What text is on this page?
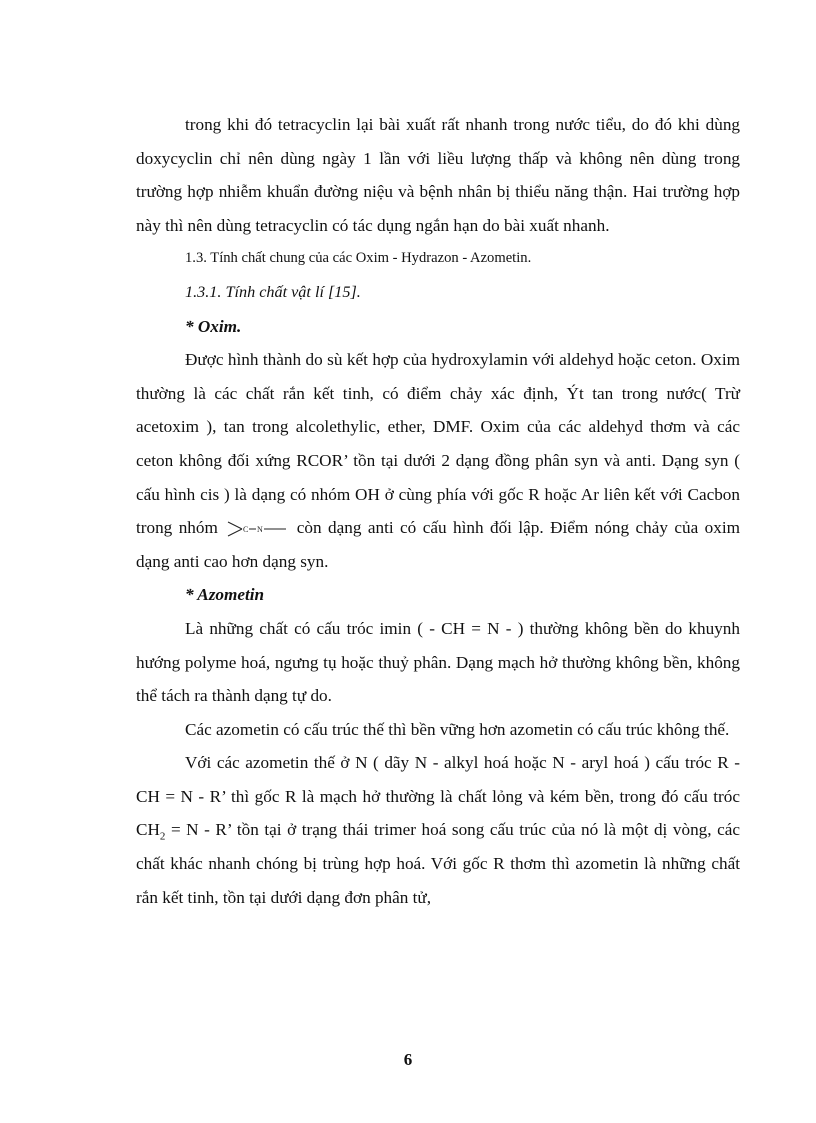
trong khi đó tetracyclin lại bài xuất rất nhanh trong nước tiểu, do đó khi dùng doxycyclin chỉ nên dùng ngày 1 lần với liều lượng thấp và không nên dùng trong trường hợp nhiễm khuẩn đường niệu và bệnh nhân bị thiểu năng thận. Hai trường hợp này thì nên dùng tetracyclin có tác dụng ngắn hạn do bài xuất nhanh.

1.3. Tính chất chung của các Oxim - Hydrazon - Azometin.

1.3.1. Tính chất vật lí [15].

* Oxim.

Được hình thành do sù kết hợp của hydroxylamin với aldehyd hoặc ceton. Oxim thường là các chất rắn kết tinh, có điểm chảy xác định, Ýt tan trong nước( Trừ acetoxim ), tan trong alcolethylic, ether, DMF. Oxim của các aldehyd thơm và các ceton không đối xứng RCOR’ tồn tại dưới 2 dạng đồng phân syn và anti. Dạng syn ( cấu hình cis ) là dạng có nhóm OH ở cùng phía với gốc R hoặc Ar liên kết với Cacbon trong nhóm	C N còn dạng anti có cấu hình đối lập. Điểm nóng chảy của oxim dạng anti cao hơn dạng syn.

* Azometin

Là những chất có cấu tróc imin ( - CH = N - ) thường không bền do khuynh hướng polyme hoá, ngưng tụ hoặc thuỷ phân. Dạng mạch hở thường không bền, không thể tách ra thành dạng tự do.

Các azometin có cấu trúc thế thì bền vững hơn azometin có cấu trúc không thế.

Với các azometin thế ở N ( dãy N - alkyl hoá hoặc N - aryl hoá ) cấu tróc R - CH = N - R’ thì gốc R là mạch hở thường là chất lỏng và kém bền, trong đó cấu tróc $CH_2 = N - R$’ tồn tại ở trạng thái trimer hoá song cấu trúc của nó là một dị vòng, các chất khác nhanh chóng bị trùng hợp hoá. Với gốc R thơm thì azometin là những chất rắn kết tinh, tồn tại dưới dạng đơn phân tử,

6
